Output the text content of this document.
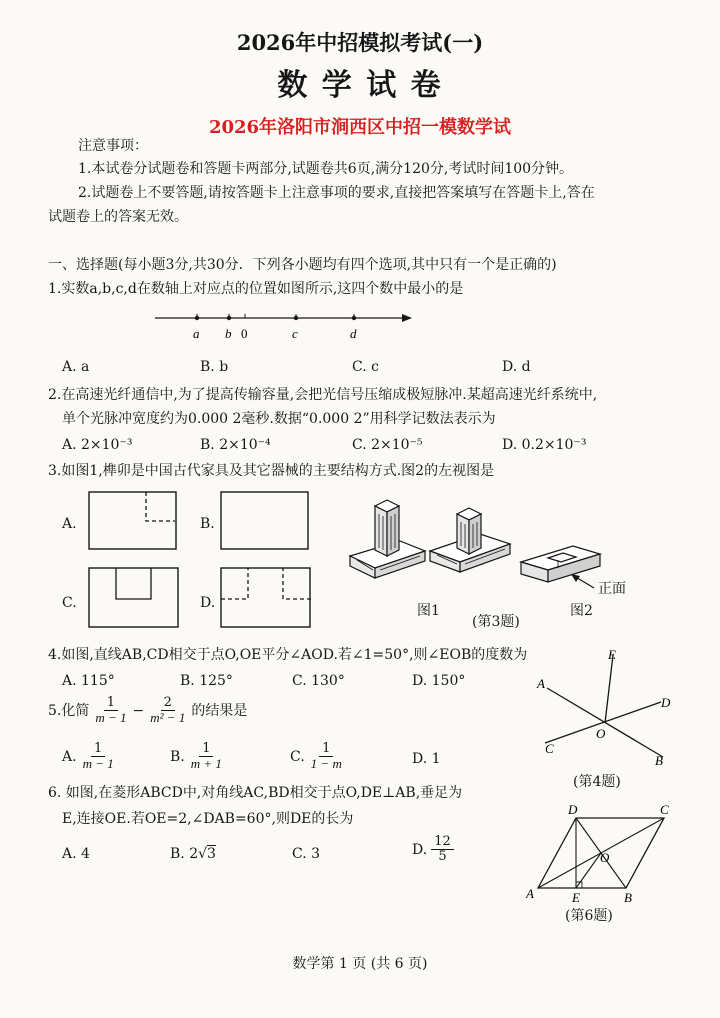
2026年中招模拟考试(一)
数 学 试 卷
2026年洛阳市涧西区中招一模数学试
注意事项：
1.本试卷分试题卷和答题卡两部分,试题卷共6页,满分120分,考试时间100分钟。
2.试题卷上不要答题,请按答题卡上注意事项的要求,直接把答案填写在答题卡上,答在
试题卷上的答案无效。
一、选择题(每小题3分,共30分．下列各小题均有四个选项,其中只有一个是正确的)
1.实数a,b,c,d在数轴上对应点的位置如图所示,这四个数中最小的是
a b 0	c	d
A. a	B. b	C. c	D. d
2.在高速光纤通信中,为了提高传输容量,会把光信号压缩成极短脉冲.某超高速光纤系统中,
单个光脉冲宽度约为0.000 2毫秒.数据“0.000 2”用科学记数法表示为
A. 2×10⁻³	B. 2×10⁻⁴	C. 2×10⁻⁵	D. 0.2×10⁻³
3.如图1,榫卯是中国古代家具及其它器械的主要结构方式.图2的左视图是
A.	B.
C.	D.	图1
(第3题)
正面
图2
4.如图,直线AB,CD相交于点O,OE平分∠AOD.若∠1=50°,则∠EOB的度数为
A. 115°	B. 125°	C. 130°	D. 150°
E
A
D
O
C
B
(第4题)
5.化简 $\frac{1}{m - 1} - \frac{2}{\text{m² − 1}}$ 的结果是
A. $\frac{1}{m - 1}$	B. $\frac{1}{m + 1}$	C. $\frac{1}{1 - m}$	D. 1
6. 如图,在菱形ABCD中,对角线AC,BD相交于点O,DE⊥AB,垂足为
E,连接OE.若OE=2,∠DAB=60°,则DE的长为
A. 4	B. 2√3	C. 3	D. $\frac{12}{5}$
D	C
O
A	E	B
(第6题)
数学第 1 页 (共 6 页)
